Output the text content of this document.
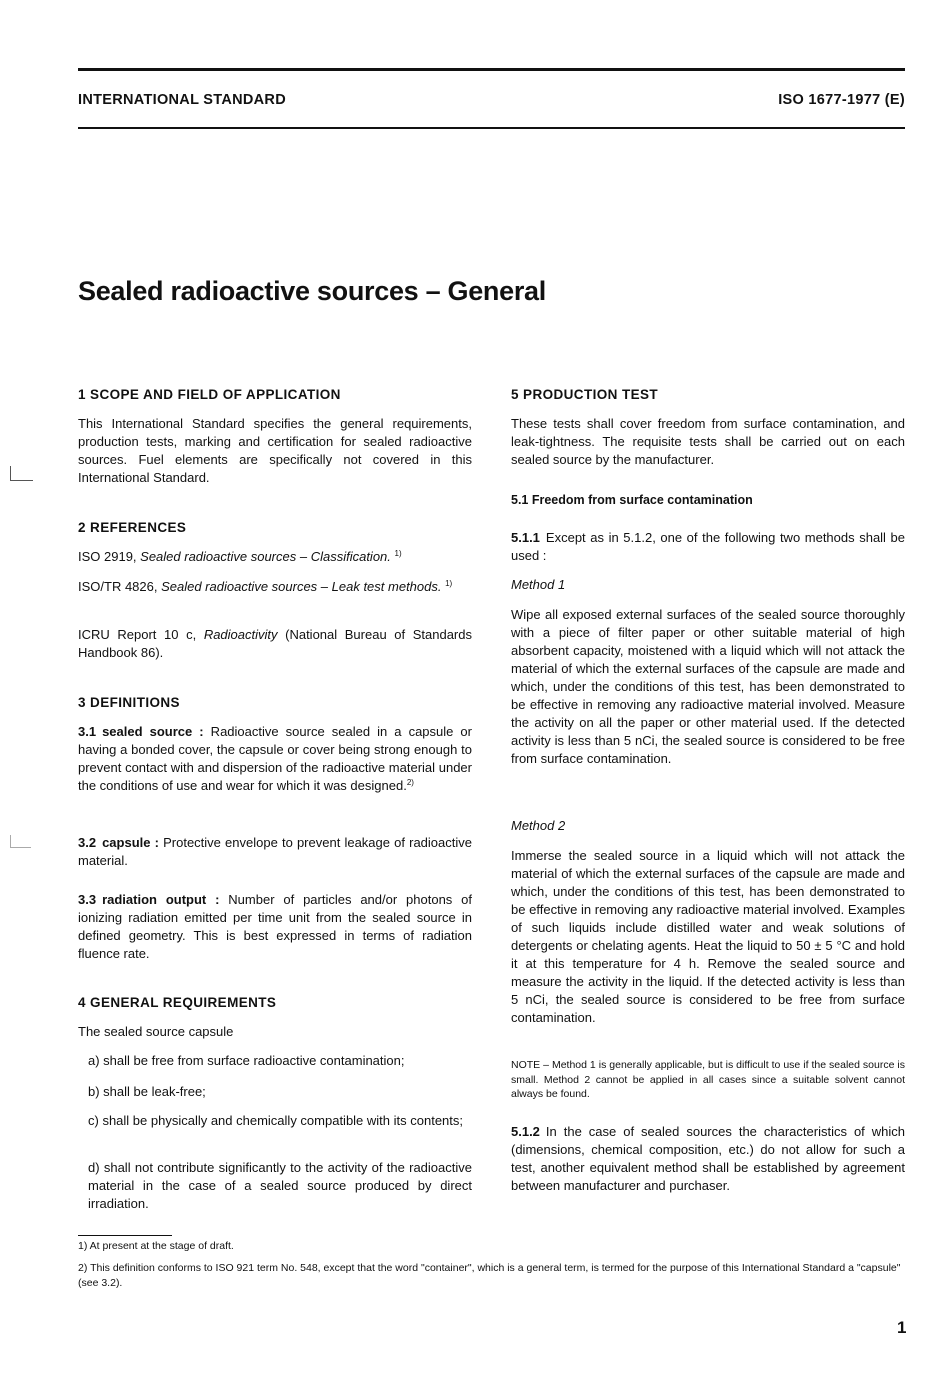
INTERNATIONAL STANDARD	ISO 1677-1977 (E)
Sealed radioactive sources – General
1 SCOPE AND FIELD OF APPLICATION
This International Standard specifies the general requirements, production tests, marking and certification for sealed radioactive sources. Fuel elements are specifically not covered in this International Standard.
2 REFERENCES
ISO 2919, Sealed radioactive sources – Classification. $^{1)}$
ISO/TR 4826, Sealed radioactive sources – Leak test methods. $^{1)}$
ICRU Report 10 c, Radioactivity (National Bureau of Standards Handbook 86).
3 DEFINITIONS
3.1 sealed source : Radioactive source sealed in a capsule or having a bonded cover, the capsule or cover being strong enough to prevent contact with and dispersion of the radioactive material under the conditions of use and wear for which it was designed.$^{2)}$
3.2 capsule : Protective envelope to prevent leakage of radioactive material.
3.3 radiation output : Number of particles and/or photons of ionizing radiation emitted per time unit from the sealed source in defined geometry. This is best expressed in terms of radiation fluence rate.
4 GENERAL REQUIREMENTS
The sealed source capsule
a) shall be free from surface radioactive contamination;
b) shall be leak-free;
c) shall be physically and chemically compatible with its contents;
d) shall not contribute significantly to the activity of the radioactive material in the case of a sealed source produced by direct irradiation.
5 PRODUCTION TEST
These tests shall cover freedom from surface contamination, and leak-tightness. The requisite tests shall be carried out on each sealed source by the manufacturer.
5.1 Freedom from surface contamination
5.1.1 Except as in 5.1.2, one of the following two methods shall be used :
Method 1
Wipe all exposed external surfaces of the sealed source thoroughly with a piece of filter paper or other suitable material of high absorbent capacity, moistened with a liquid which will not attack the material of which the external surfaces of the capsule are made and which, under the conditions of this test, has been demonstrated to be effective in removing any radioactive material involved. Measure the activity on all the paper or other material used. If the detected activity is less than 5 nCi, the sealed source is considered to be free from surface contamination.
Method 2
Immerse the sealed source in a liquid which will not attack the material of which the external surfaces of the capsule are made and which, under the conditions of this test, has been demonstrated to be effective in removing any radioactive material involved. Examples of such liquids include distilled water and weak solutions of detergents or chelating agents. Heat the liquid to 50 ± 5 °C and hold it at this temperature for 4 h. Remove the sealed source and measure the activity in the liquid. If the detected activity is less than 5 nCi, the sealed source is considered to be free from surface contamination.
NOTE – Method 1 is generally applicable, but is difficult to use if the sealed source is small. Method 2 cannot be applied in all cases since a suitable solvent cannot always be found.
5.1.2 In the case of sealed sources the characteristics of which (dimensions, chemical composition, etc.) do not allow for such a test, another equivalent method shall be established by agreement between manufacturer and purchaser.
1) At present at the stage of draft.
2) This definition conforms to ISO 921 term No. 548, except that the word "container", which is a general term, is termed for the purpose of this International Standard a "capsule" (see 3.2).
1
